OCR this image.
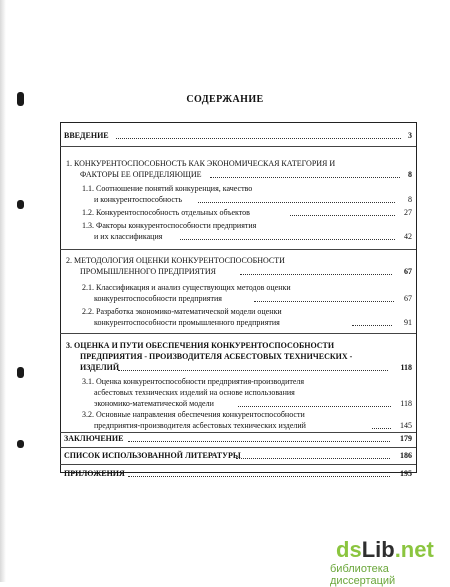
СОДЕРЖАНИЕ
ВВЕДЕНИЕ	3
1. КОНКУРЕНТОСПОСОБНОСТЬ КАК ЭКОНОМИЧЕСКАЯ КАТЕГОРИЯ И
ФАКТОРЫ ЕЕ ОПРЕДЕЛЯЮЩИЕ	8
1.1. Соотношение понятий конкуренция, качество
и конкурентоспособность	8
1.2. Конкурентоспособность отдельных объектов	27
1.3. Факторы конкурентоспособности предприятия
и их классификация	42
2. МЕТОДОЛОГИЯ ОЦЕНКИ КОНКУРЕНТОСПОСОБНОСТИ
ПРОМЫШЛЕННОГО ПРЕДПРИЯТИЯ	67
2.1. Классификация и анализ существующих методов оценки
конкурентоспособности предприятия	67
2.2. Разработка экономико-математической модели оценки
конкурентоспособности промышленного предприятия	91
3. ОЦЕНКА И ПУТИ ОБЕСПЕЧЕНИЯ КОНКУРЕНТОСПОСОБНОСТИ
ПРЕДПРИЯТИЯ - ПРОИЗВОДИТЕЛЯ АСБЕСТОВЫХ ТЕХНИЧЕСКИХ -
ИЗДЕЛИЙ	118
3.1. Оценка конкурентоспособности предприятия-производителя
асбестовых технических изделий на основе использования
экономико-математической модели	118
3.2. Основные направления обеспечения конкурентоспособности
предприятия-производителя асбестовых технических изделий	145
ЗАКЛЮЧЕНИЕ	179
СПИСОК ИСПОЛЬЗОВАННОЙ ЛИТЕРАТУРЫ	186
ПРИЛОЖЕНИЯ	195
dsLib.net
библиотека диссертаций
